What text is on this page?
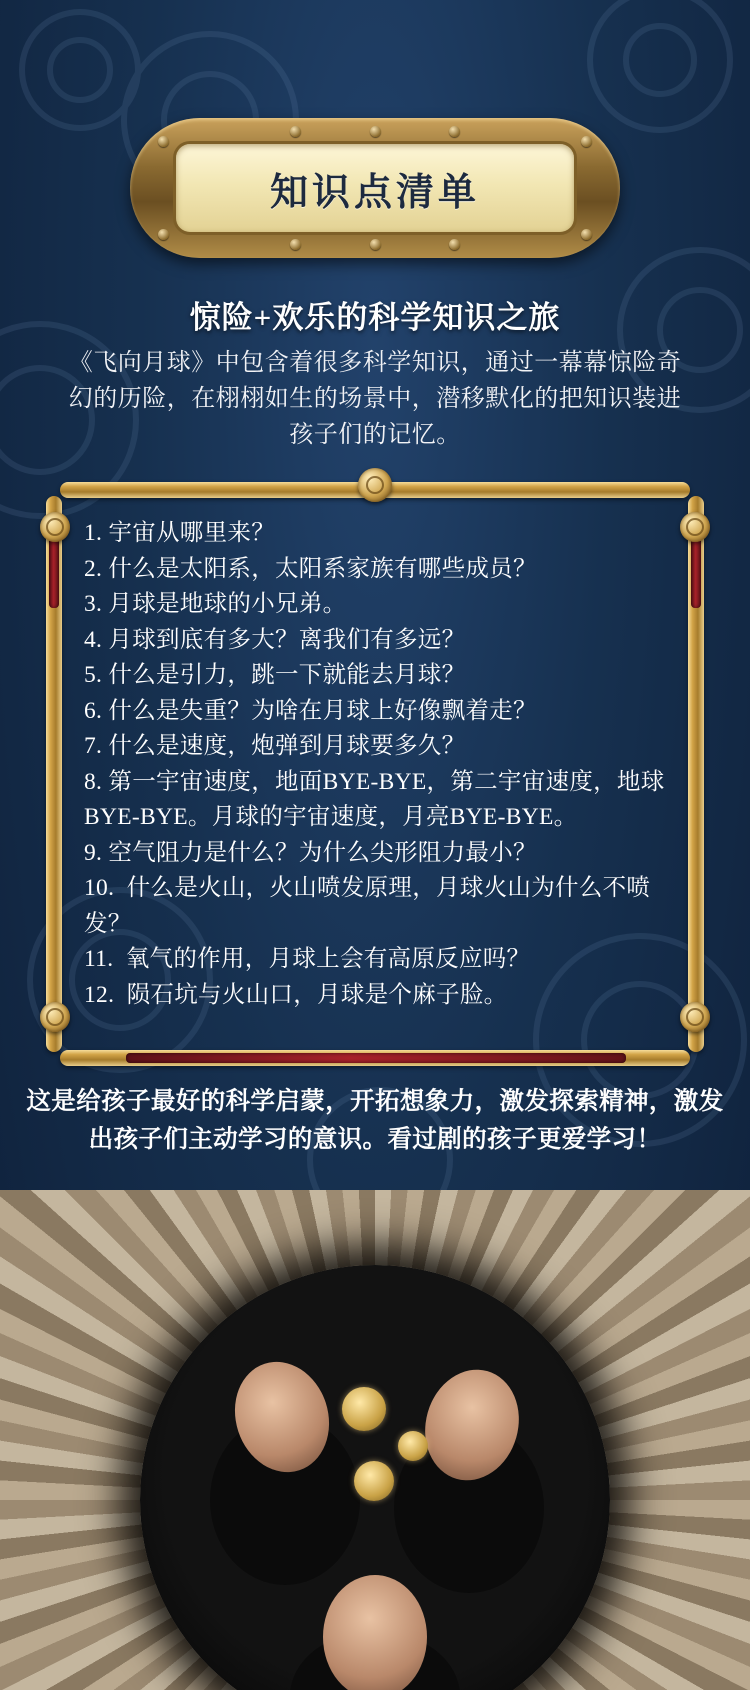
知识点清单
惊险+欢乐的科学知识之旅
《飞向月球》中包含着很多科学知识，通过一幕幕惊险奇幻的历险，在栩栩如生的场景中，潜移默化的把知识装进孩子们的记忆。
1. 宇宙从哪里来？
2. 什么是太阳系，太阳系家族有哪些成员？
3. 月球是地球的小兄弟。
4. 月球到底有多大？离我们有多远？
5. 什么是引力，跳一下就能去月球？
6. 什么是失重？为啥在月球上好像飘着走？
7. 什么是速度，炮弹到月球要多久？
8. 第一宇宙速度，地面BYE-BYE，第二宇宙速度，地球BYE-BYE。月球的宇宙速度，月亮BYE-BYE。
9. 空气阻力是什么？为什么尖形阻力最小？
10.  什么是火山，火山喷发原理，月球火山为什么不喷发？
11.  氧气的作用，月球上会有高原反应吗？
12.  陨石坑与火山口，月球是个麻子脸。
这是给孩子最好的科学启蒙，开拓想象力，激发探索精神，激发出孩子们主动学习的意识。看过剧的孩子更爱学习！
